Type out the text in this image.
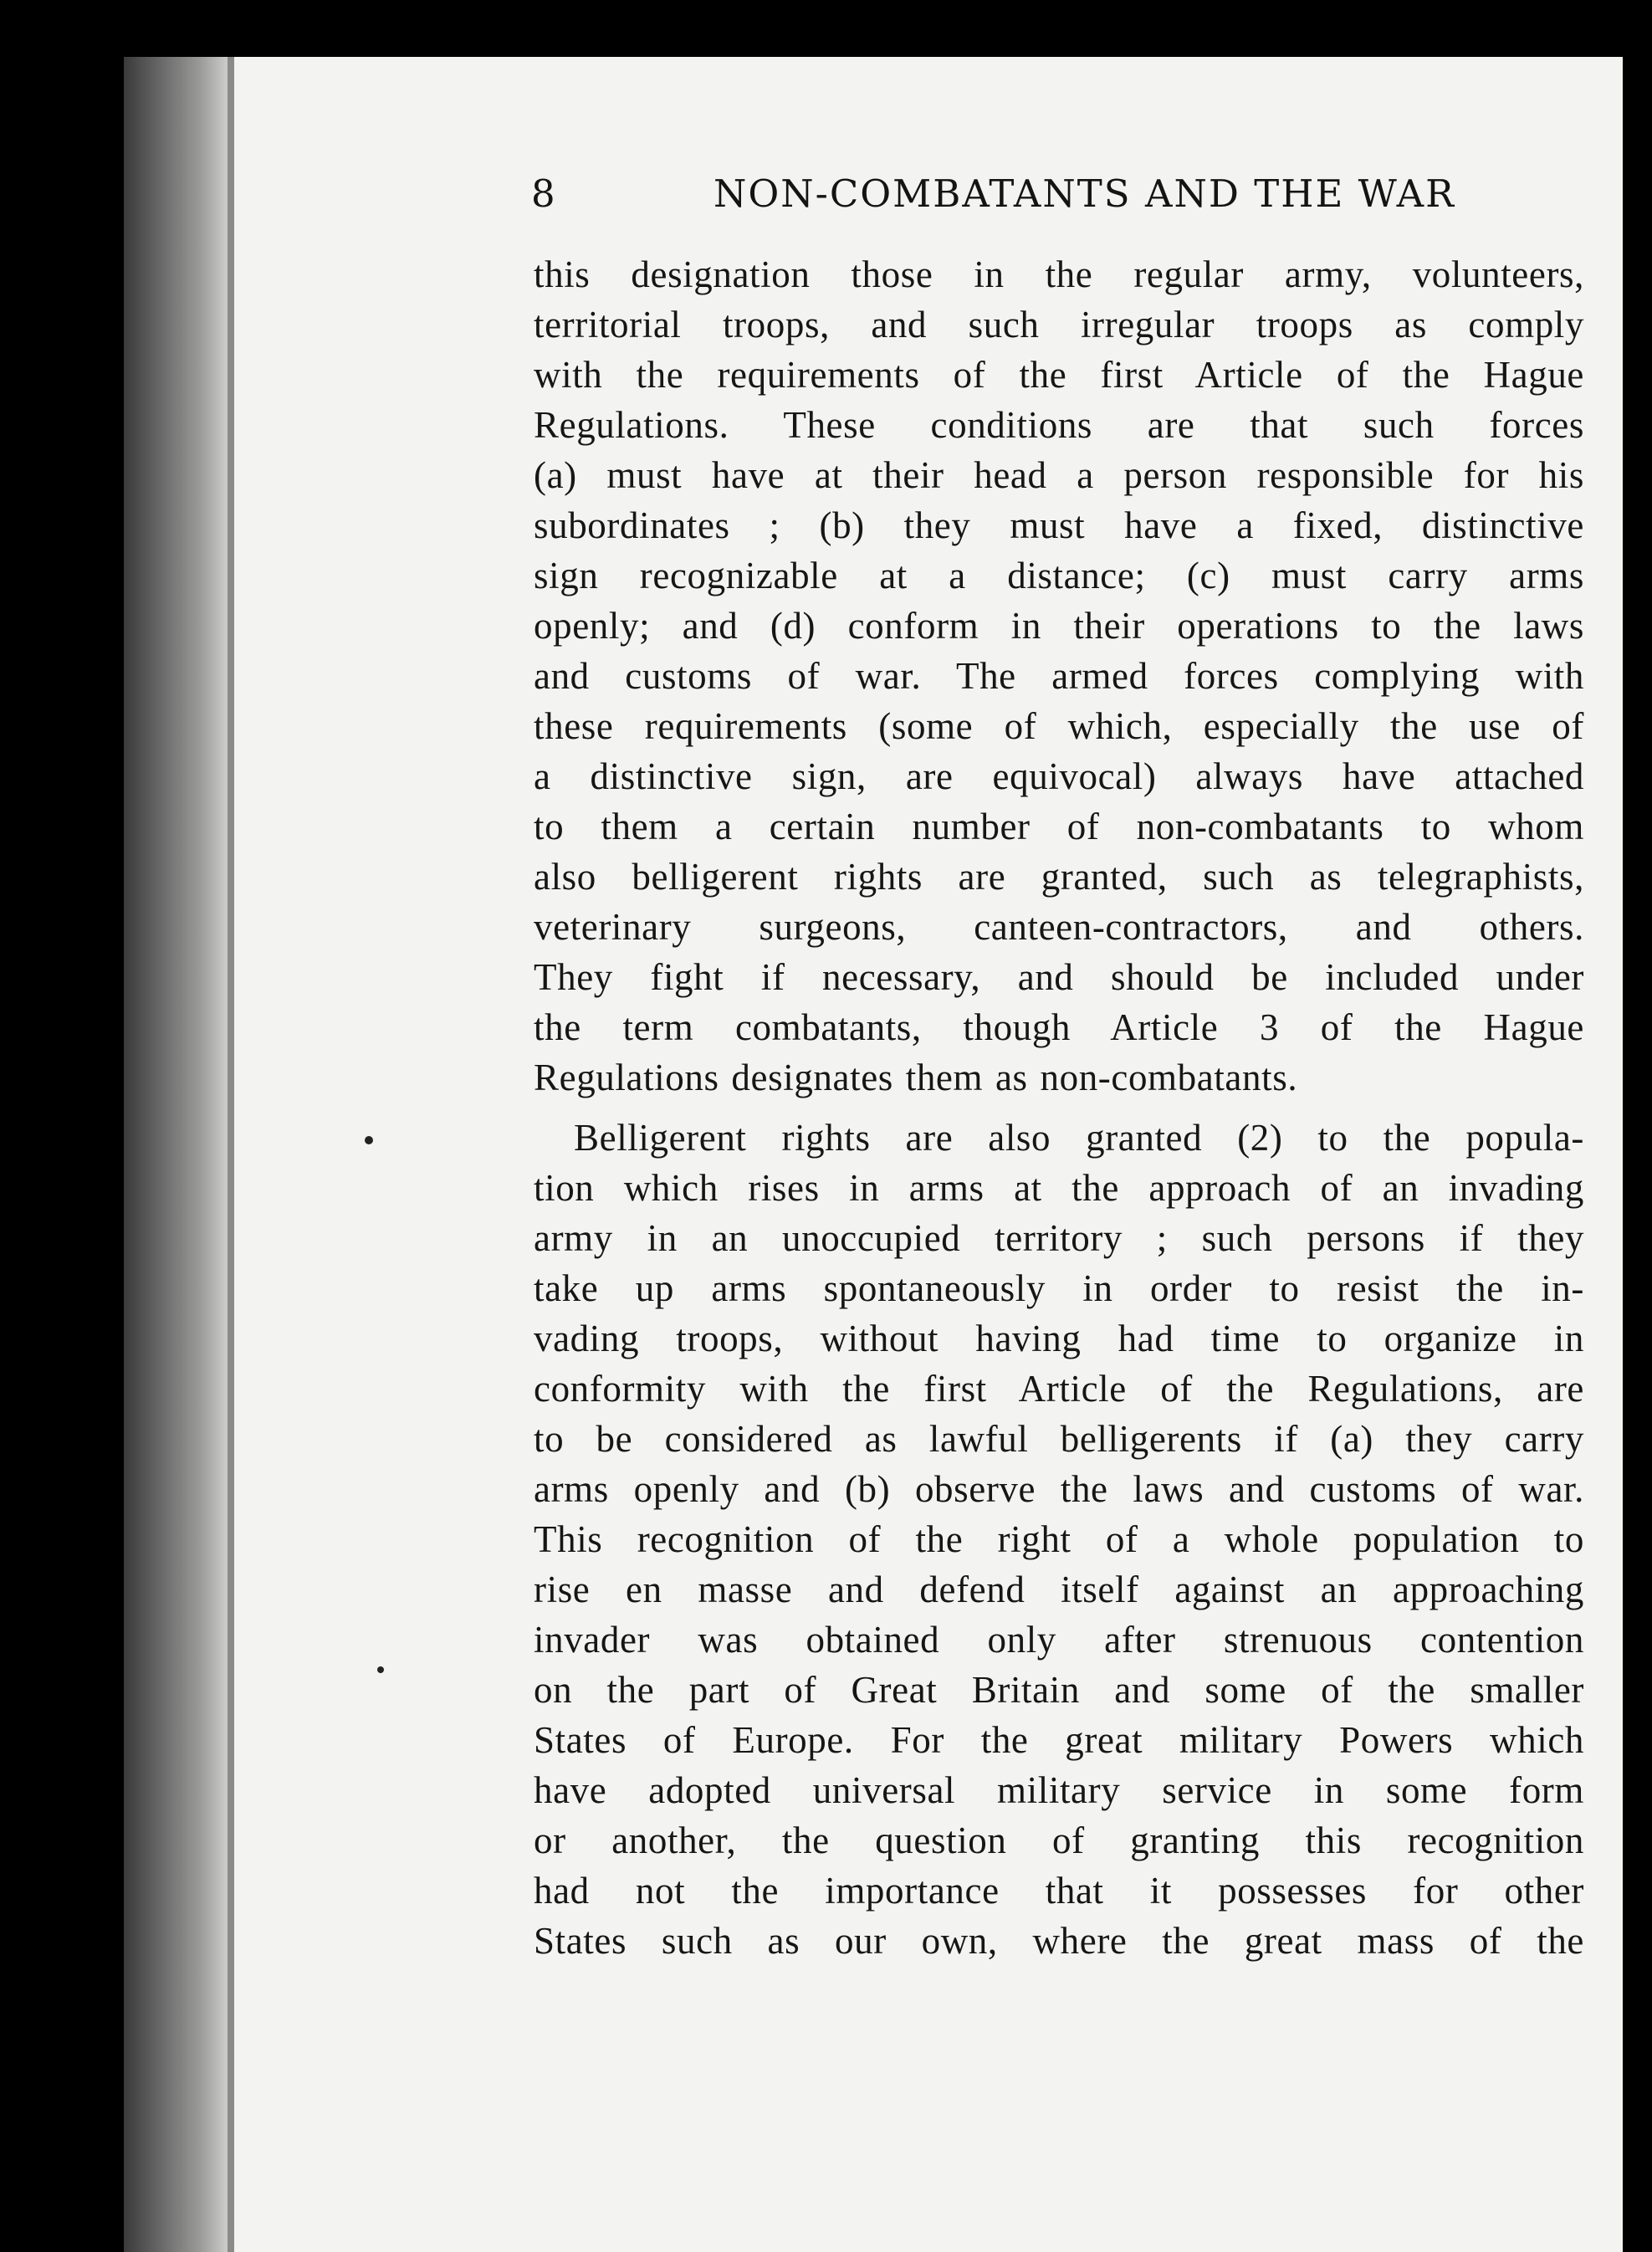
8	NON-COMBATANTS AND THE WAR
this designation those in the regular army, volunteers,
territorial troops, and such irregular troops as comply
with the requirements of the first Article of the Hague
Regulations. These conditions are that such forces
(a) must have at their head a person responsible for his
subordinates ; (b) they must have a fixed, distinctive
sign recognizable at a distance; (c) must carry arms
openly; and (d) conform in their operations to the laws
and customs of war. The armed forces complying with
these requirements (some of which, especially the use of
a distinctive sign, are equivocal) always have attached
to them a certain number of non-combatants to whom
also belligerent rights are granted, such as telegraphists,
veterinary surgeons, canteen-contractors, and others.
They fight if necessary, and should be included under
the term combatants, though Article 3 of the Hague
Regulations designates them as non-combatants.
Belligerent rights are also granted (2) to the popula-
tion which rises in arms at the approach of an invading
army in an unoccupied territory ; such persons if they
take up arms spontaneously in order to resist the in-
vading troops, without having had time to organize in
conformity with the first Article of the Regulations, are
to be considered as lawful belligerents if (a) they carry
arms openly and (b) observe the laws and customs of war.
This recognition of the right of a whole population to
rise en masse and defend itself against an approaching
invader was obtained only after strenuous contention
on the part of Great Britain and some of the smaller
States of Europe. For the great military Powers which
have adopted universal military service in some form
or another, the question of granting this recognition
had not the importance that it possesses for other
States such as our own, where the great mass of the
